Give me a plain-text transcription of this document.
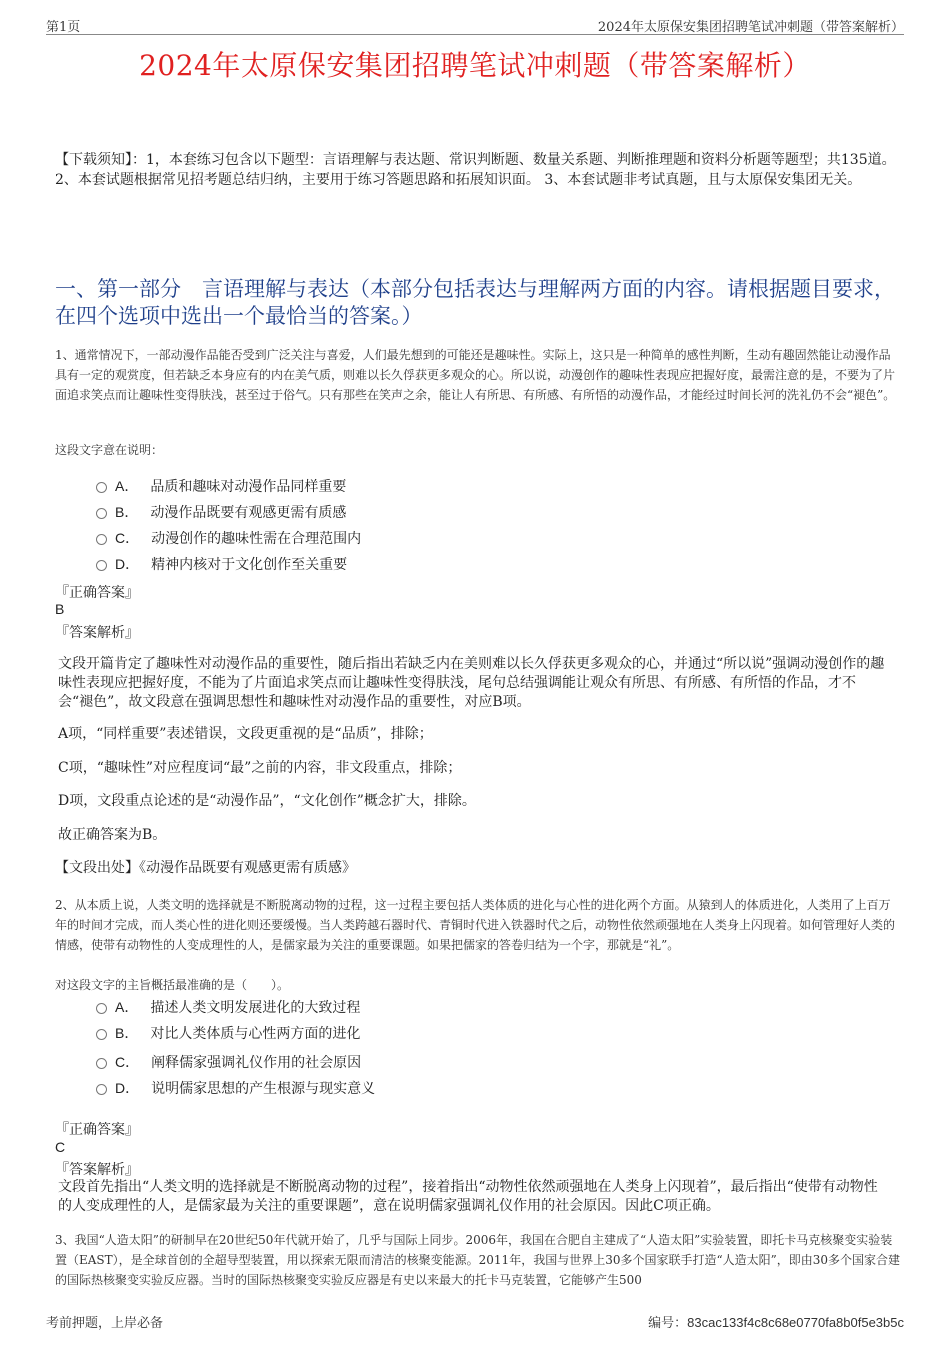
第1页	2024年太原保安集团招聘笔试冲刺题（带答案解析）
2024年太原保安集团招聘笔试冲刺题（带答案解析）
【下载须知】：1，本套练习包含以下题型：言语理解与表达题、常识判断题、数量关系题、判断推理题和资料分析题等题型；共135道。 2、本套试题根据常见招考题总结归纳，主要用于练习答题思路和拓展知识面。 3、本套试题非考试真题，且与太原保安集团无关。
一、第一部分　言语理解与表达（本部分包括表达与理解两方面的内容。请根据题目要求，在四个选项中选出一个最恰当的答案。）
1、通常情况下，一部动漫作品能否受到广泛关注与喜爱，人们最先想到的可能还是趣味性。实际上，这只是一种简单的感性判断，生动有趣固然能让动漫作品具有一定的观赏度，但若缺乏本身应有的内在美气质，则难以长久俘获更多观众的心。所以说，动漫创作的趣味性表现应把握好度，最需注意的是，不要为了片面追求笑点而让趣味性变得肤浅，甚至过于俗气。只有那些在笑声之余，能让人有所思、有所感、有所悟的动漫作品，才能经过时间长河的洗礼仍不会“褪色”。
这段文字意在说明：
A． 品质和趣味对动漫作品同样重要
B． 动漫作品既要有观感更需有质感
C． 动漫创作的趣味性需在合理范围内
D． 精神内核对于文化创作至关重要
『正确答案』
B
『答案解析』
文段开篇肯定了趣味性对动漫作品的重要性，随后指出若缺乏内在美则难以长久俘获更多观众的心，并通过“所以说”强调动漫创作的趣味性表现应把握好度，不能为了片面追求笑点而让趣味性变得肤浅，尾句总结强调能让观众有所思、有所感、有所悟的作品，才不会“褪色”，故文段意在强调思想性和趣味性对动漫作品的重要性，对应B项。
A项，“同样重要”表述错误，文段更重视的是“品质”，排除；
C项，“趣味性”对应程度词“最”之前的内容，非文段重点，排除；
D项，文段重点论述的是“动漫作品”，“文化创作”概念扩大，排除。
故正确答案为B。
【文段出处】《动漫作品既要有观感更需有质感》
2、从本质上说，人类文明的选择就是不断脱离动物的过程，这一过程主要包括人类体质的进化与心性的进化两个方面。从猿到人的体质进化，人类用了上百万年的时间才完成，而人类心性的进化则还要缓慢。当人类跨越石器时代、青铜时代进入铁器时代之后，动物性依然顽强地在人类身上闪现着。如何管理好人类的情感，使带有动物性的人变成理性的人，是儒家最为关注的重要课题。如果把儒家的答卷归结为一个字，那就是“礼”。
对这段文字的主旨概括最准确的是（　　）。
A． 描述人类文明发展进化的大致过程
B． 对比人类体质与心性两方面的进化
C． 阐释儒家强调礼仪作用的社会原因
D． 说明儒家思想的产生根源与现实意义
『正确答案』
C
『答案解析』
文段首先指出“人类文明的选择就是不断脱离动物的过程”，接着指出“动物性依然顽强地在人类身上闪现着”，最后指出“使带有动物性的人变成理性的人，是儒家最为关注的重要课题”，意在说明儒家强调礼仪作用的社会原因。因此C项正确。
3、我国“人造太阳”的研制早在20世纪50年代就开始了，几乎与国际上同步。2006年，我国在合肥自主建成了“人造太阳”实验装置，即托卡马克核聚变实验装置（EAST），是全球首创的全超导型装置，用以探索无限而清洁的核聚变能源。2011年，我国与世界上30多个国家联手打造“人造太阳”，即由30多个国家合建的国际热核聚变实验反应器。当时的国际热核聚变实验反应器是有史以来最大的托卡马克装置，它能够产生500
考前押题，上岸必备	编号：83cac133f4c8c68e0770fa8b0f5e3b5c
